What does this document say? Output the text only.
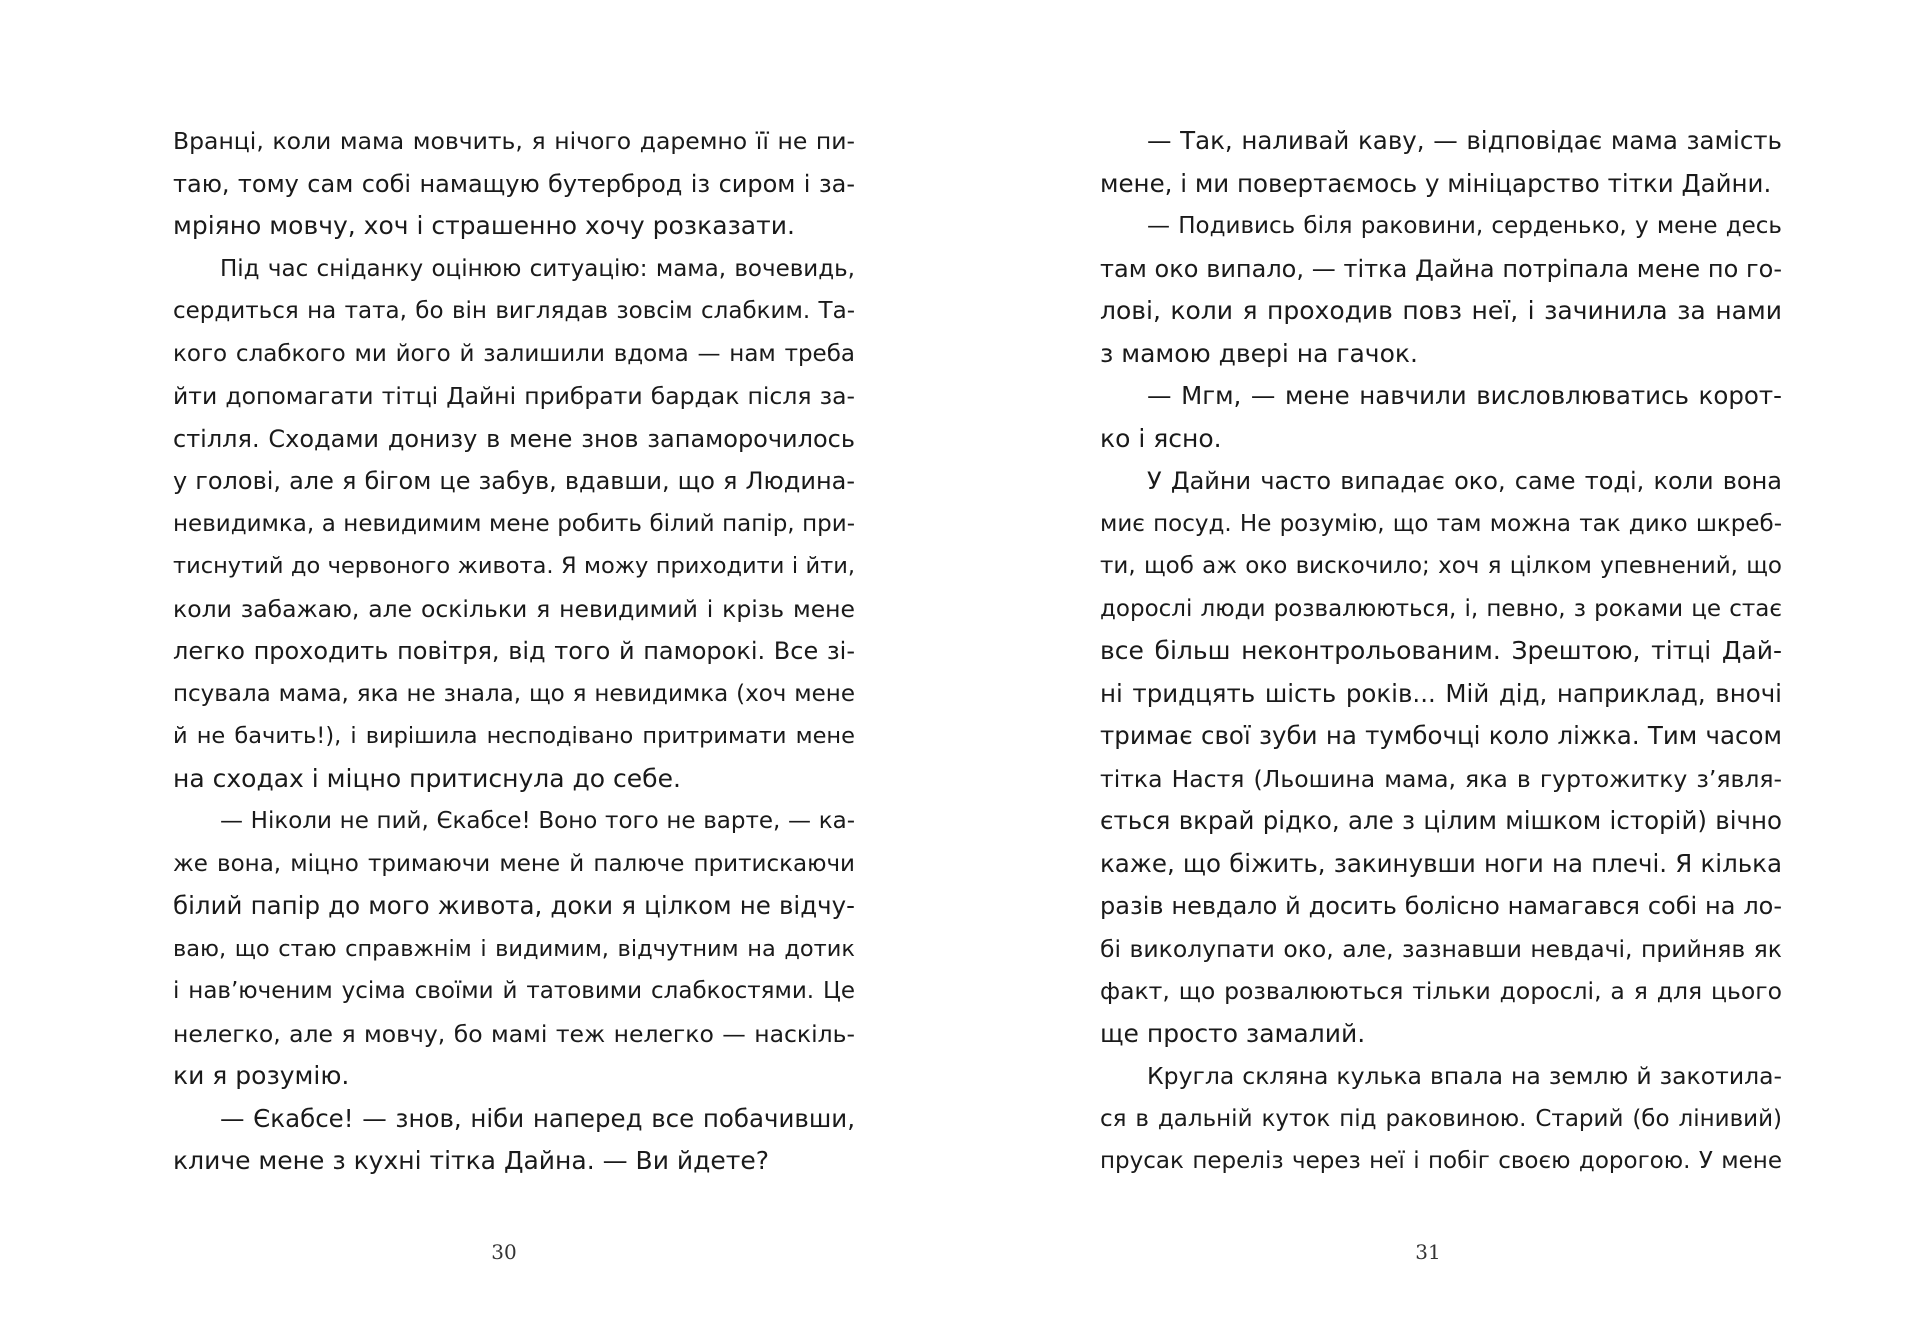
Вранці, коли мама мовчить, я нічого даремно її не пи-
таю, тому сам собі намащую бутерброд із сиром і за-
мріяно мовчу, хоч і страшенно хочу розказати.
Під час сніданку оцінюю ситуацію: мама, вочевидь,
сердиться на тата, бо він виглядав зовсім слабким. Та-
кого слабкого ми його й залишили вдома — нам треба
йти допомагати тітці Дайні прибрати бардак після за-
стілля. Сходами донизу в мене знов запаморочилось
у голові, але я бігом це забув, вдавши, що я Людина-
невидимка, а невидимим мене робить білий папір, при-
тиснутий до червоного живота. Я можу приходити і йти,
коли забажаю, але оскільки я невидимий і крізь мене
легко проходить повітря, від того й паморокі. Все зі-
псувала мама, яка не знала, що я невидимка (хоч мене
й не бачить!), і вирішила несподівано притримати мене
на сходах і міцно притиснула до себе.
— Ніколи не пий, Єкабсе! Воно того не варте, — ка-
же вона, міцно тримаючи мене й палюче притискаючи
білий папір до мого живота, доки я цілком не відчу-
ваю, що стаю справжнім і видимим, відчутним на дотик
і нав’юченим усіма своїми й татовими слабкостями. Це
нелегко, але я мовчу, бо мамі теж нелегко — наскіль-
ки я розумію.
— Єкабсе! — знов, ніби наперед все побачивши,
кличе мене з кухні тітка Дайна. — Ви йдете?
— Так, наливай каву, — відповідає мама замість
мене, і ми повертаємось у мініцарство тітки Дайни.
— Подивись біля раковини, серденько, у мене десь
там око випало, — тітка Дайна потріпала мене по го-
лові, коли я проходив повз неї, і зачинила за нами
з мамою двері на гачок.
— Мгм, — мене навчили висловлюватись корот-
ко і ясно.
У Дайни часто випадає око, саме тоді, коли вона
миє посуд. Не розумію, що там можна так дико шкреб-
ти, щоб аж око вискочило; хоч я цілком упевнений, що
дорослі люди розвалюються, і, певно, з роками це стає
все більш неконтрольованим. Зрештою, тітці Дай-
ні тридцять шість років... Мій дід, наприклад, вночі
тримає свої зуби на тумбочці коло ліжка. Тим часом
тітка Настя (Льошина мама, яка в гуртожитку з’явля-
ється вкрай рідко, але з цілим мішком історій) вічно
каже, що біжить, закинувши ноги на плечі. Я кілька
разів невдало й досить болісно намагався собі на ло-
бі виколупати око, але, зазнавши невдачі, прийняв як
факт, що розвалюються тільки дорослі, а я для цього
ще просто замалий.
Кругла скляна кулька впала на землю й закотила-
ся в дальній куток під раковиною. Старий (бо лінивий)
прусак переліз через неї і побіг своєю дорогою. У мене
30	31
